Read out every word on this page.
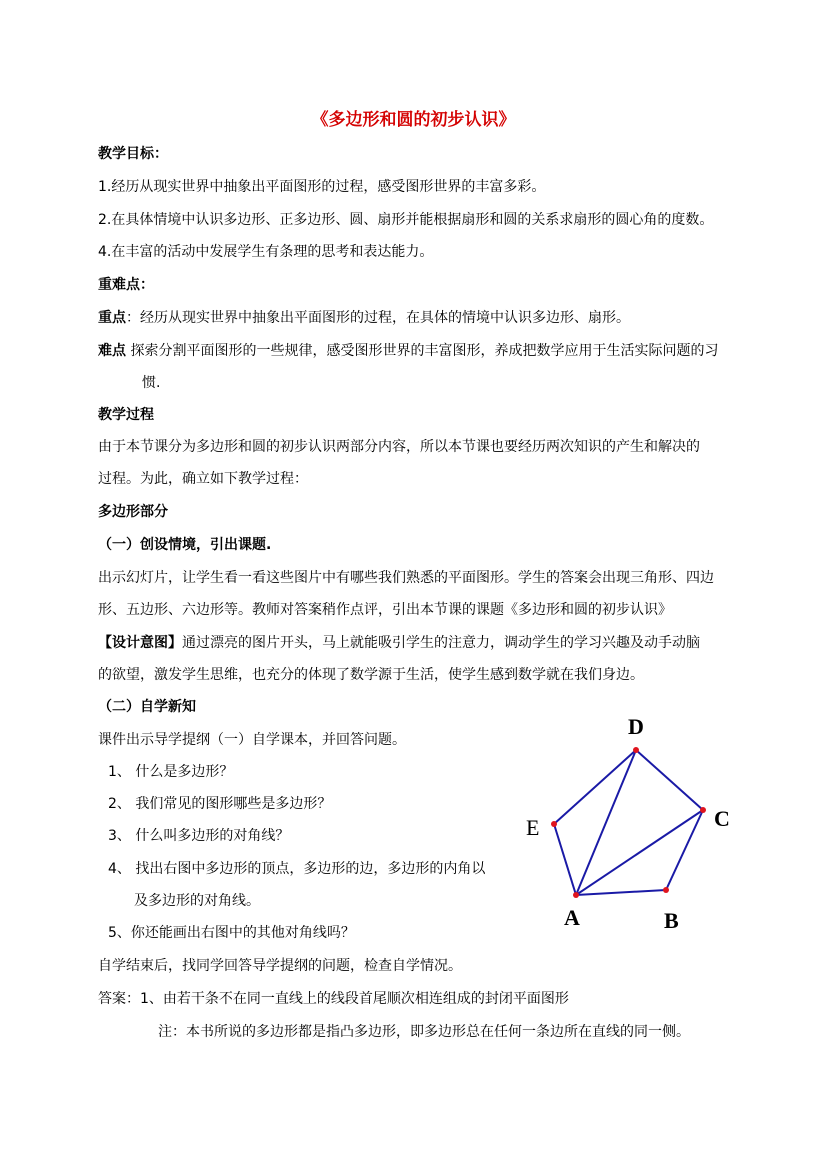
《多边形和圆的初步认识》
教学目标：
1.经历从现实世界中抽象出平面图形的过程，感受图形世界的丰富多彩。
2.在具体情境中认识多边形、正多边形、圆、扇形并能根据扇形和圆的关系求扇形的圆心角的度数。
4.在丰富的活动中发展学生有条理的思考和表达能力。
重难点：
重点：经历从现实世界中抽象出平面图形的过程，在具体的情境中认识多边形、扇形。
难点 探索分割平面图形的一些规律，感受图形世界的丰富图形，养成把数学应用于生活实际问题的习
惯.
教学过程
由于本节课分为多边形和圆的初步认识两部分内容，所以本节课也要经历两次知识的产生和解决的
过程。为此，确立如下教学过程：
多边形部分
（一）创设情境，引出课题.
出示幻灯片，让学生看一看这些图片中有哪些我们熟悉的平面图形。学生的答案会出现三角形、四边
形、五边形、六边形等。教师对答案稍作点评，引出本节课的课题《多边形和圆的初步认识》
【设计意图】通过漂亮的图片开头，马上就能吸引学生的注意力，调动学生的学习兴趣及动手动脑
的欲望，激发学生思维，也充分的体现了数学源于生活，使学生感到数学就在我们身边。
（二）自学新知
课件出示导学提纲（一）自学课本，并回答问题。
1、 什么是多边形？
2、 我们常见的图形哪些是多边形？
3、 什么叫多边形的对角线？
4、 找出右图中多边形的顶点，多边形的边，多边形的内角以
及多边形的对角线。
5、你还能画出右图中的其他对角线吗？
自学结束后，找同学回答导学提纲的问题，检查自学情况。
答案：1、由若干条不在同一直线上的线段首尾顺次相连组成的封闭平面图形
注：本书所说的多边形都是指凸多边形，即多边形总在任何一条边所在直线的同一侧。
A	B
C
D
E
